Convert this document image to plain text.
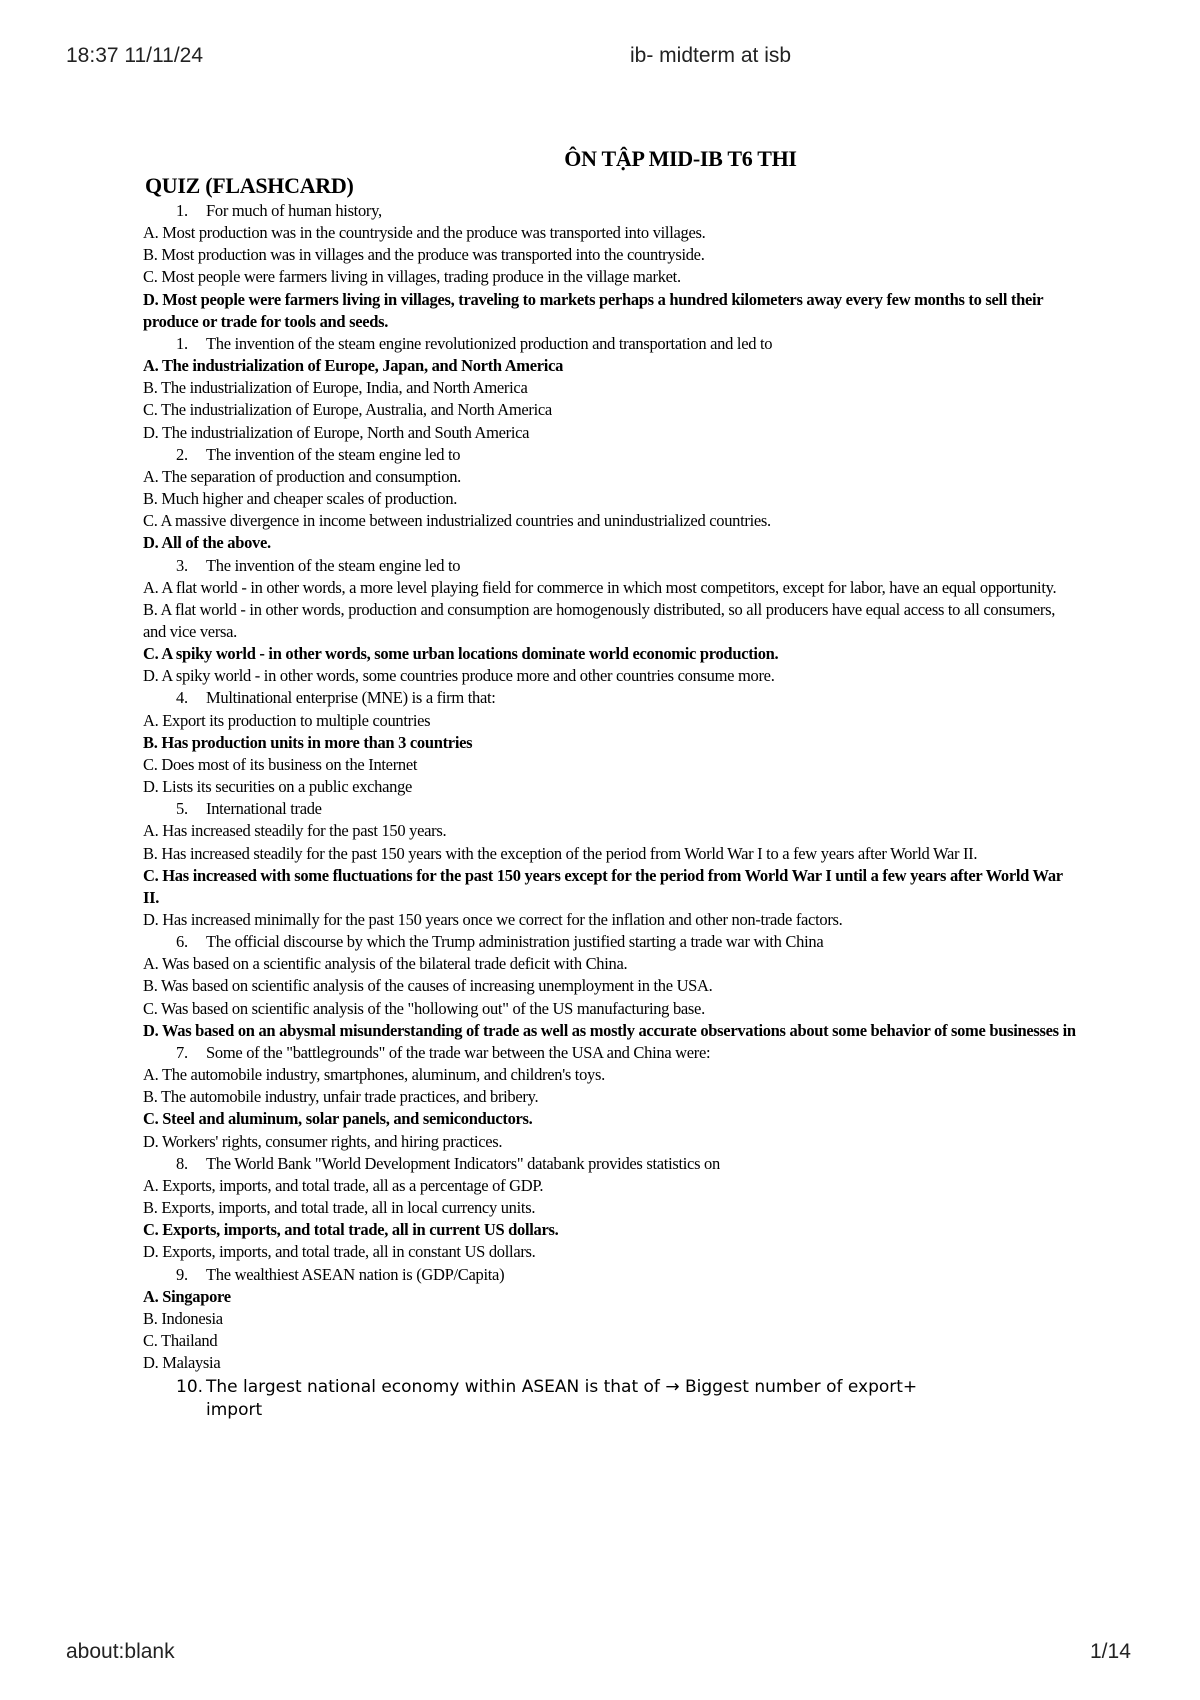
18:37 11/11/24	ib- midterm at isb
ÔN TẬP MID-IB T6 THI
QUIZ (FLASHCARD)
1. For much of human history,
A. Most production was in the countryside and the produce was transported into villages.
B. Most production was in villages and the produce was transported into the countryside.
C. Most people were farmers living in villages, trading produce in the village market.
D. Most people were farmers living in villages, traveling to markets perhaps a hundred kilometers away every few months to sell their produce or trade for tools and seeds.
1. The invention of the steam engine revolutionized production and transportation and led to
A. The industrialization of Europe, Japan, and North America
B. The industrialization of Europe, India, and North America
C. The industrialization of Europe, Australia, and North America
D. The industrialization of Europe, North and South America
2. The invention of the steam engine led to
A. The separation of production and consumption.
B. Much higher and cheaper scales of production.
C. A massive divergence in income between industrialized countries and unindustrialized countries.
D. All of the above.
3. The invention of the steam engine led to
A. A flat world - in other words, a more level playing field for commerce in which most competitors, except for labor, have an equal opportunity.
B. A flat world - in other words, production and consumption are homogenously distributed, so all producers have equal access to all consumers, and vice versa.
C. A spiky world - in other words, some urban locations dominate world economic production.
D. A spiky world - in other words, some countries produce more and other countries consume more.
4. Multinational enterprise (MNE) is a firm that:
A. Export its production to multiple countries
B. Has production units in more than 3 countries
C. Does most of its business on the Internet
D. Lists its securities on a public exchange
5. International trade
A. Has increased steadily for the past 150 years.
B. Has increased steadily for the past 150 years with the exception of the period from World War I to a few years after World War II.
C. Has increased with some fluctuations for the past 150 years except for the period from World War I until a few years after World War II.
D. Has increased minimally for the past 150 years once we correct for the inflation and other non-trade factors.
6. The official discourse by which the Trump administration justified starting a trade war with China
A. Was based on a scientific analysis of the bilateral trade deficit with China.
B. Was based on scientific analysis of the causes of increasing unemployment in the USA.
C. Was based on scientific analysis of the "hollowing out" of the US manufacturing base.
D. Was based on an abysmal misunderstanding of trade as well as mostly accurate observations about some behavior of some businesses in
7. Some of the "battlegrounds" of the trade war between the USA and China were:
A. The automobile industry, smartphones, aluminum, and children's toys.
B. The automobile industry, unfair trade practices, and bribery.
C. Steel and aluminum, solar panels, and semiconductors.
D. Workers' rights, consumer rights, and hiring practices.
8. The World Bank "World Development Indicators" databank provides statistics on
A. Exports, imports, and total trade, all as a percentage of GDP.
B. Exports, imports, and total trade, all in local currency units.
C. Exports, imports, and total trade, all in current US dollars.
D. Exports, imports, and total trade, all in constant US dollars.
9. The wealthiest ASEAN nation is (GDP/Capita)
A. Singapore
B. Indonesia
C. Thailand
D. Malaysia
10. The largest national economy within ASEAN is that of → Biggest number of export+ import
about:blank	1/14
